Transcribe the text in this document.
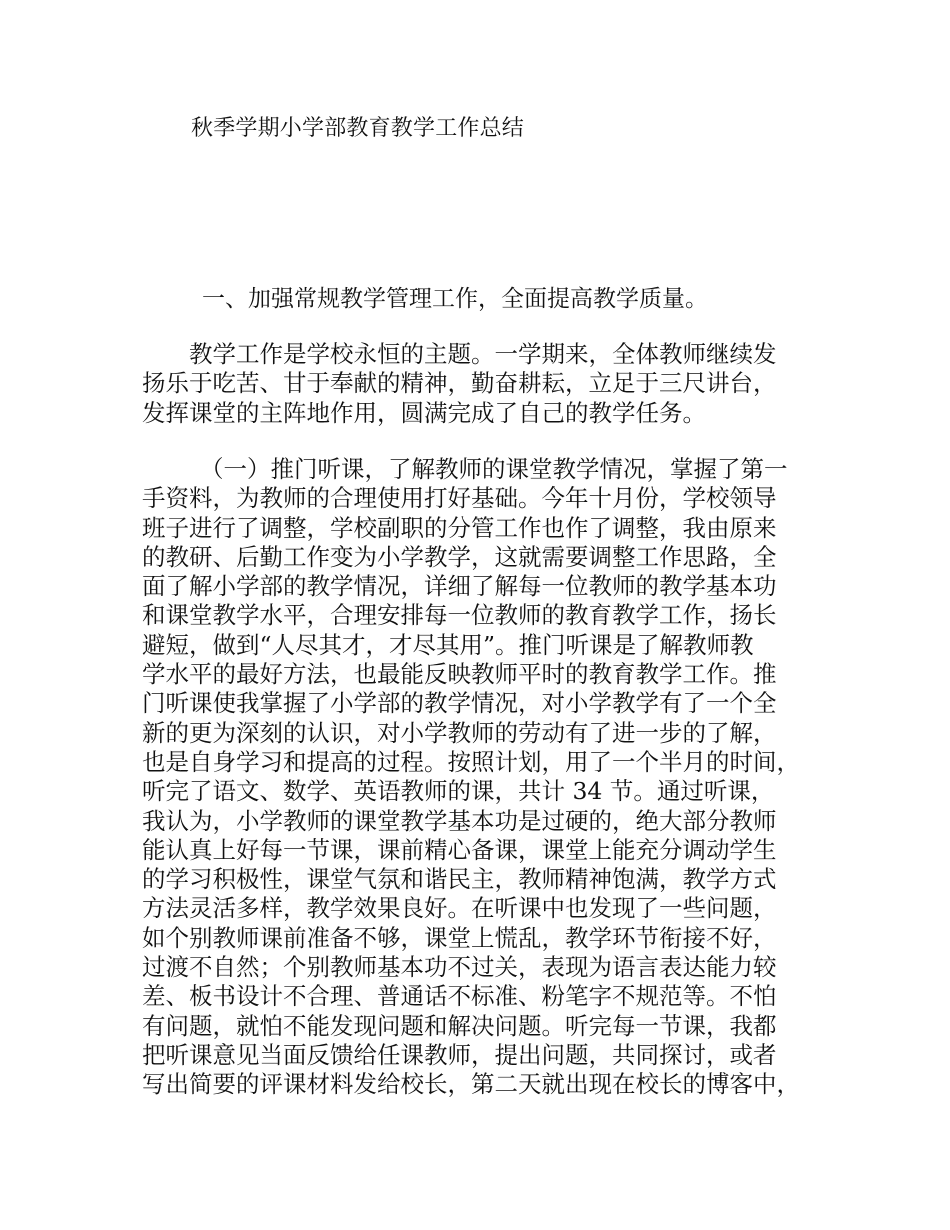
秋季学期小学部教育教学工作总结
一、加强常规教学管理工作，全面提高教学质量。
教学工作是学校永恒的主题。一学期来，全体教师继续发
扬乐于吃苦、甘于奉献的精神，勤奋耕耘，立足于三尺讲台，
发挥课堂的主阵地作用，圆满完成了自己的教学任务。
（一）推门听课，了解教师的课堂教学情况，掌握了第一
手资料，为教师的合理使用打好基础。今年十月份，学校领导
班子进行了调整，学校副职的分管工作也作了调整，我由原来
的教研、后勤工作变为小学教学，这就需要调整工作思路，全
面了解小学部的教学情况，详细了解每一位教师的教学基本功
和课堂教学水平，合理安排每一位教师的教育教学工作，扬长
避短，做到“人尽其才，才尽其用”。推门听课是了解教师教
学水平的最好方法，也最能反映教师平时的教育教学工作。推
门听课使我掌握了小学部的教学情况，对小学教学有了一个全
新的更为深刻的认识，对小学教师的劳动有了进一步的了解，
也是自身学习和提高的过程。按照计划，用了一个半月的时间，
听完了语文、数学、英语教师的课，共计 34 节。通过听课，
我认为，小学教师的课堂教学基本功是过硬的，绝大部分教师
能认真上好每一节课，课前精心备课，课堂上能充分调动学生
的学习积极性，课堂气氛和谐民主，教师精神饱满，教学方式
方法灵活多样，教学效果良好。在听课中也发现了一些问题，
如个别教师课前准备不够，课堂上慌乱，教学环节衔接不好，
过渡不自然；个别教师基本功不过关，表现为语言表达能力较
差、板书设计不合理、普通话不标准、粉笔字不规范等。不怕
有问题，就怕不能发现问题和解决问题。听完每一节课，我都
把听课意见当面反馈给任课教师，提出问题，共同探讨，或者
写出简要的评课材料发给校长，第二天就出现在校长的博客中，
